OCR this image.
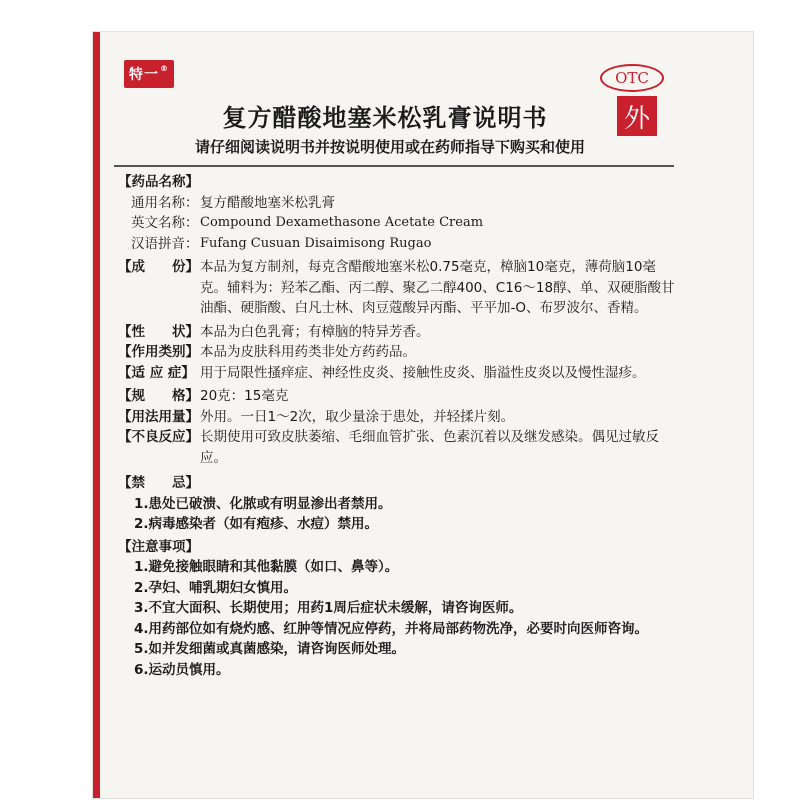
特一®
OTC
外
复方醋酸地塞米松乳膏说明书
请仔细阅读说明书并按说明使用或在药师指导下购买和使用
【药品名称】
通用名称： 复方醋酸地塞米松乳膏
英文名称： Compound Dexamethasone Acetate Cream
汉语拼音： Fufang Cusuan Disaimisong Rugao
【成　　份】 本品为复方制剂，每克含醋酸地塞米松0.75毫克，樟脑10毫克，薄荷脑10毫克。辅料为：羟苯乙酯、丙二醇、聚乙二醇400、C16～18醇、单、双硬脂酸甘油酯、硬脂酸、白凡士林、肉豆蔻酸异丙酯、平平加-O、布罗波尔、香精。
【性　　状】 本品为白色乳膏；有樟脑的特异芳香。
【作用类别】 本品为皮肤科用药类非处方药药品。
【适 应 症】 用于局限性搔痒症、神经性皮炎、接触性皮炎、脂溢性皮炎以及慢性湿疹。
【规　　格】 20克：15毫克
【用法用量】 外用。一日1～2次，取少量涂于患处，并轻揉片刻。
【不良反应】 长期使用可致皮肤萎缩、毛细血管扩张、色素沉着以及继发感染。偶见过敏反应。
【禁　　忌】
1.患处已破溃、化脓或有明显渗出者禁用。
2.病毒感染者（如有疱疹、水痘）禁用。
【注意事项】
1.避免接触眼睛和其他黏膜（如口、鼻等）。
2.孕妇、哺乳期妇女慎用。
3.不宜大面积、长期使用；用药1周后症状未缓解，请咨询医师。
4.用药部位如有烧灼感、红肿等情况应停药，并将局部药物洗净，必要时向医师咨询。
5.如并发细菌或真菌感染，请咨询医师处理。
6.运动员慎用。
